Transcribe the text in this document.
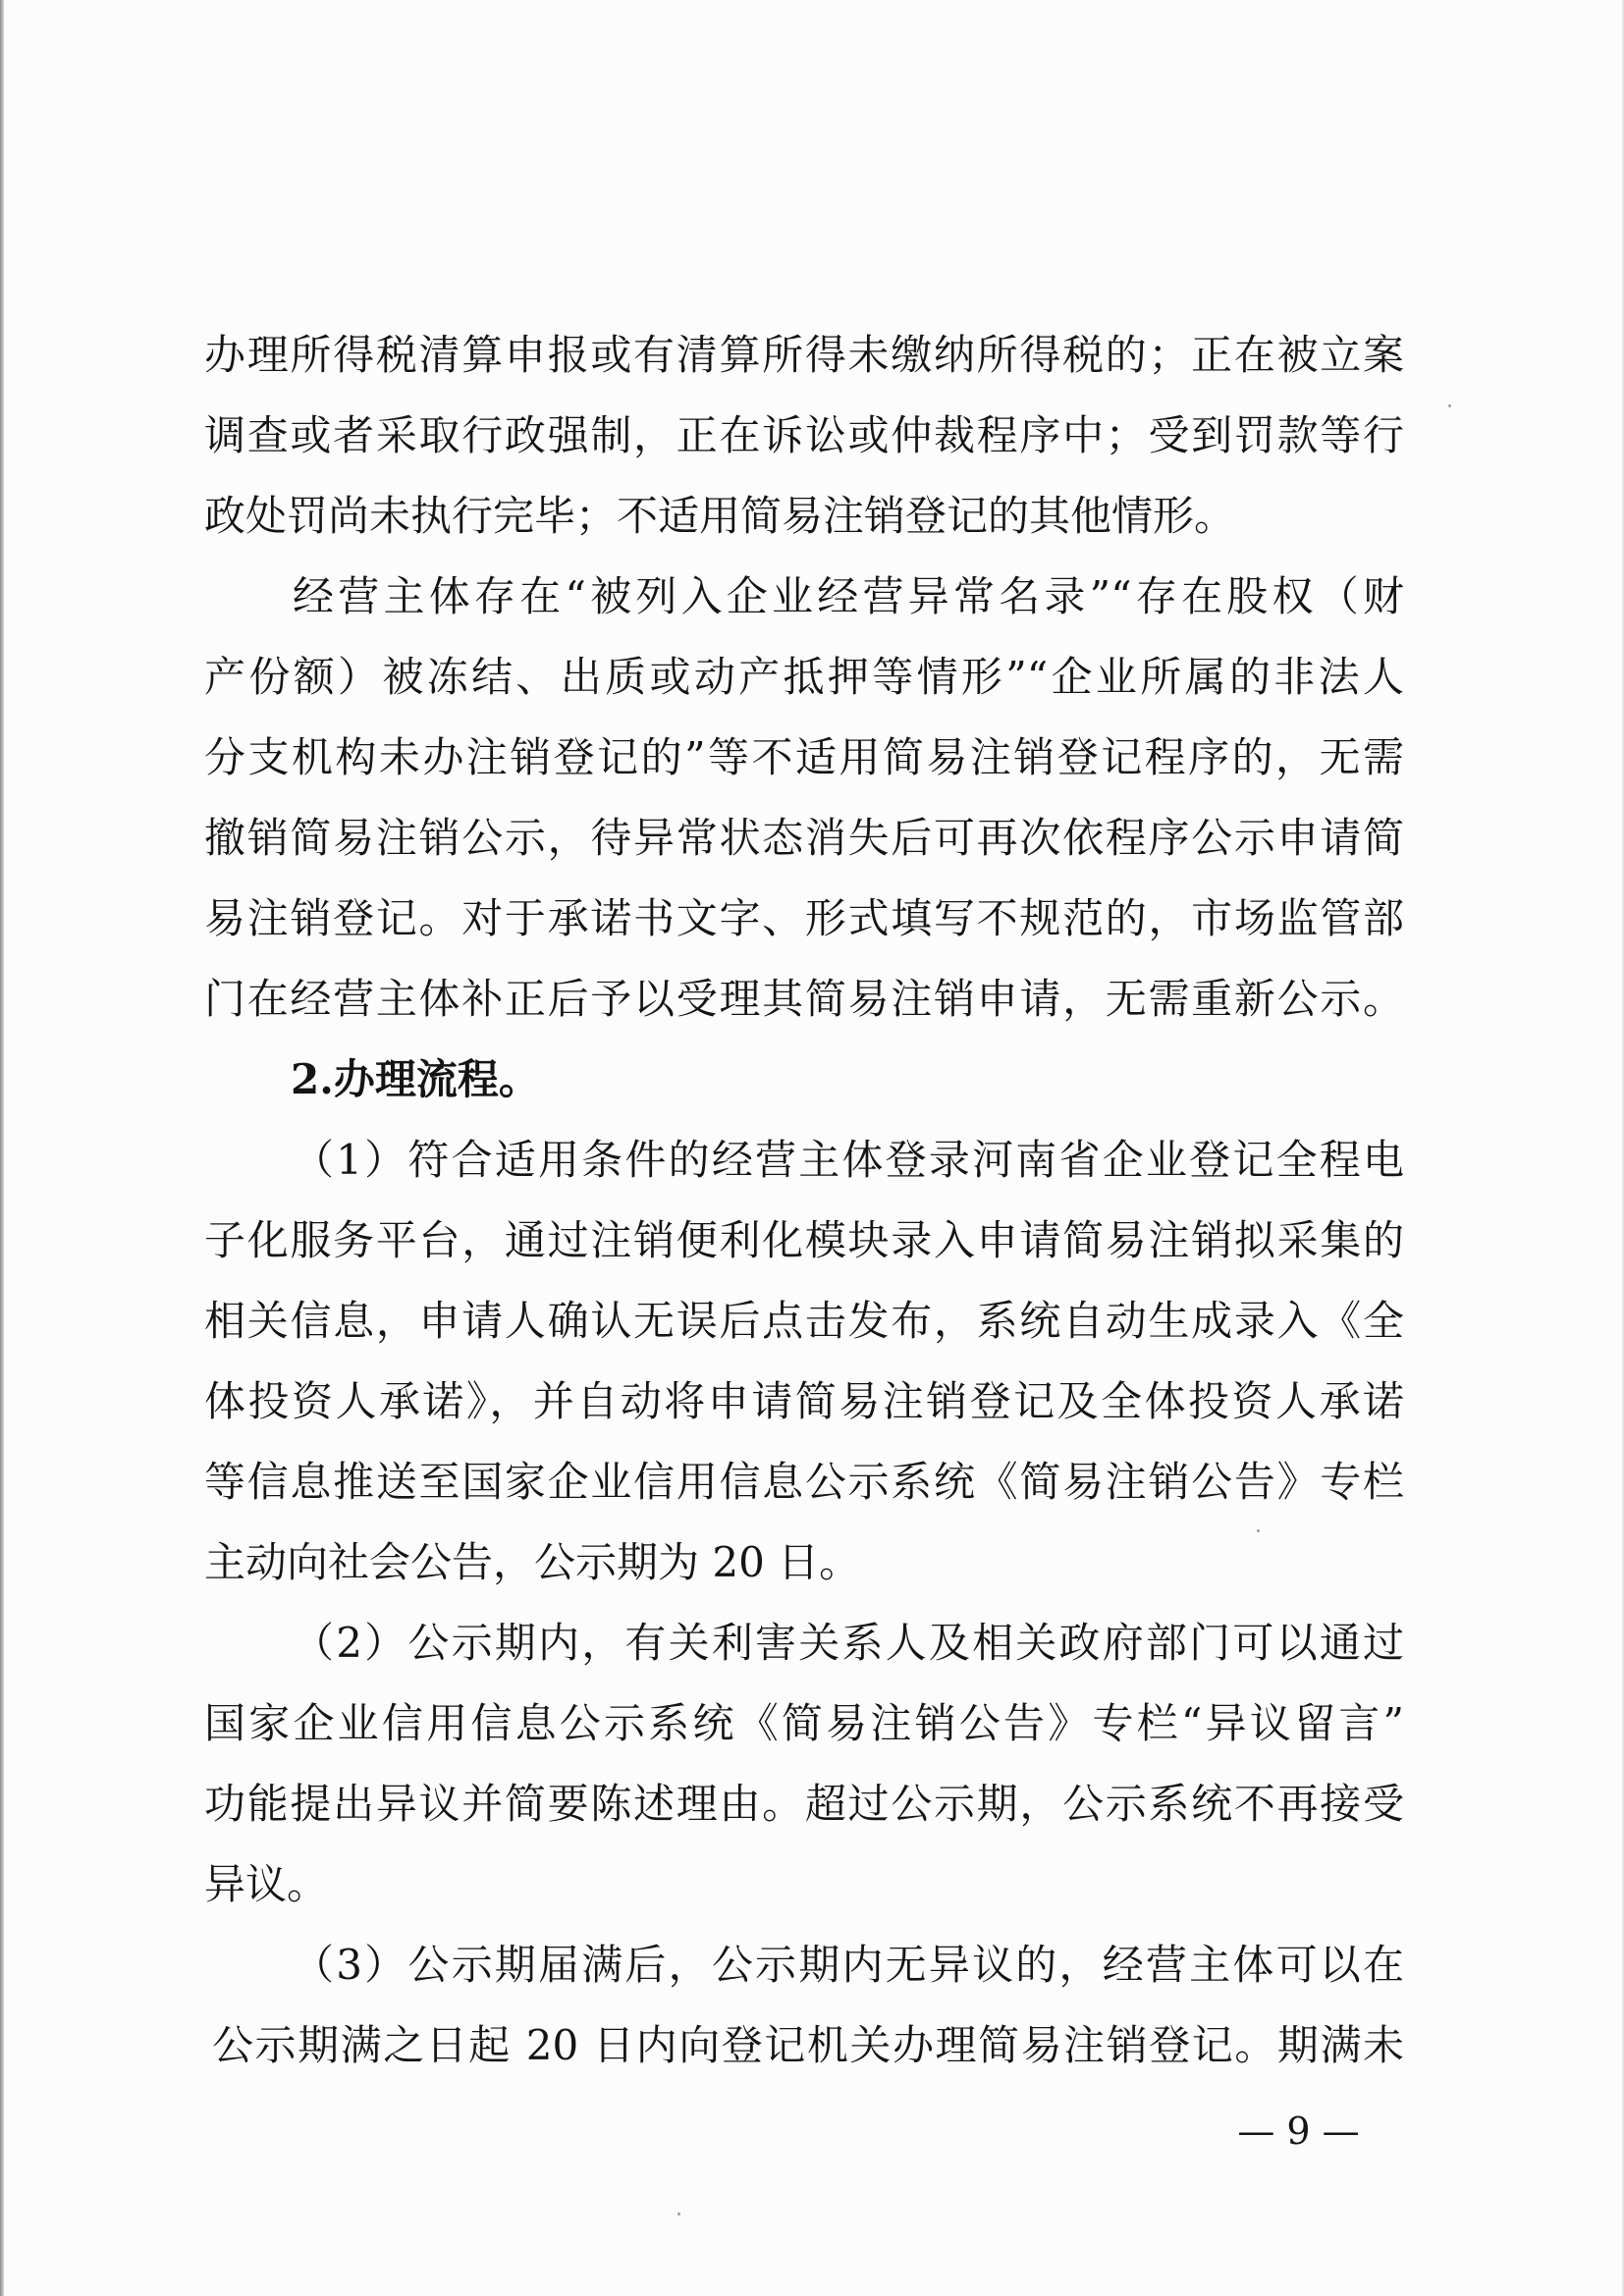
办理所得税清算申报或有清算所得未缴纳所得税的；正在被立案
调查或者采取行政强制，正在诉讼或仲裁程序中；受到罚款等行
政处罚尚未执行完毕；不适用简易注销登记的其他情形。
经营主体存在“被列入企业经营异常名录”“存在股权（财
产份额）被冻结、出质或动产抵押等情形”“企业所属的非法人
分支机构未办注销登记的”等不适用简易注销登记程序的，无需
撤销简易注销公示，待异常状态消失后可再次依程序公示申请简
易注销登记。对于承诺书文字、形式填写不规范的，市场监管部
门在经营主体补正后予以受理其简易注销申请，无需重新公示。
2.办理流程。
（1）符合适用条件的经营主体登录河南省企业登记全程电
子化服务平台，通过注销便利化模块录入申请简易注销拟采集的
相关信息，申请人确认无误后点击发布，系统自动生成录入《全
体投资人承诺》，并自动将申请简易注销登记及全体投资人承诺
等信息推送至国家企业信用信息公示系统《简易注销公告》专栏
主动向社会公告，公示期为 20 日。
（2）公示期内，有关利害关系人及相关政府部门可以通过
国家企业信用信息公示系统《简易注销公告》专栏“异议留言”
功能提出异议并简要陈述理由。超过公示期，公示系统不再接受
异议。
（3）公示期届满后，公示期内无异议的，经营主体可以在
公示期满之日起 20 日内向登记机关办理简易注销登记。期满未
— 9 —
